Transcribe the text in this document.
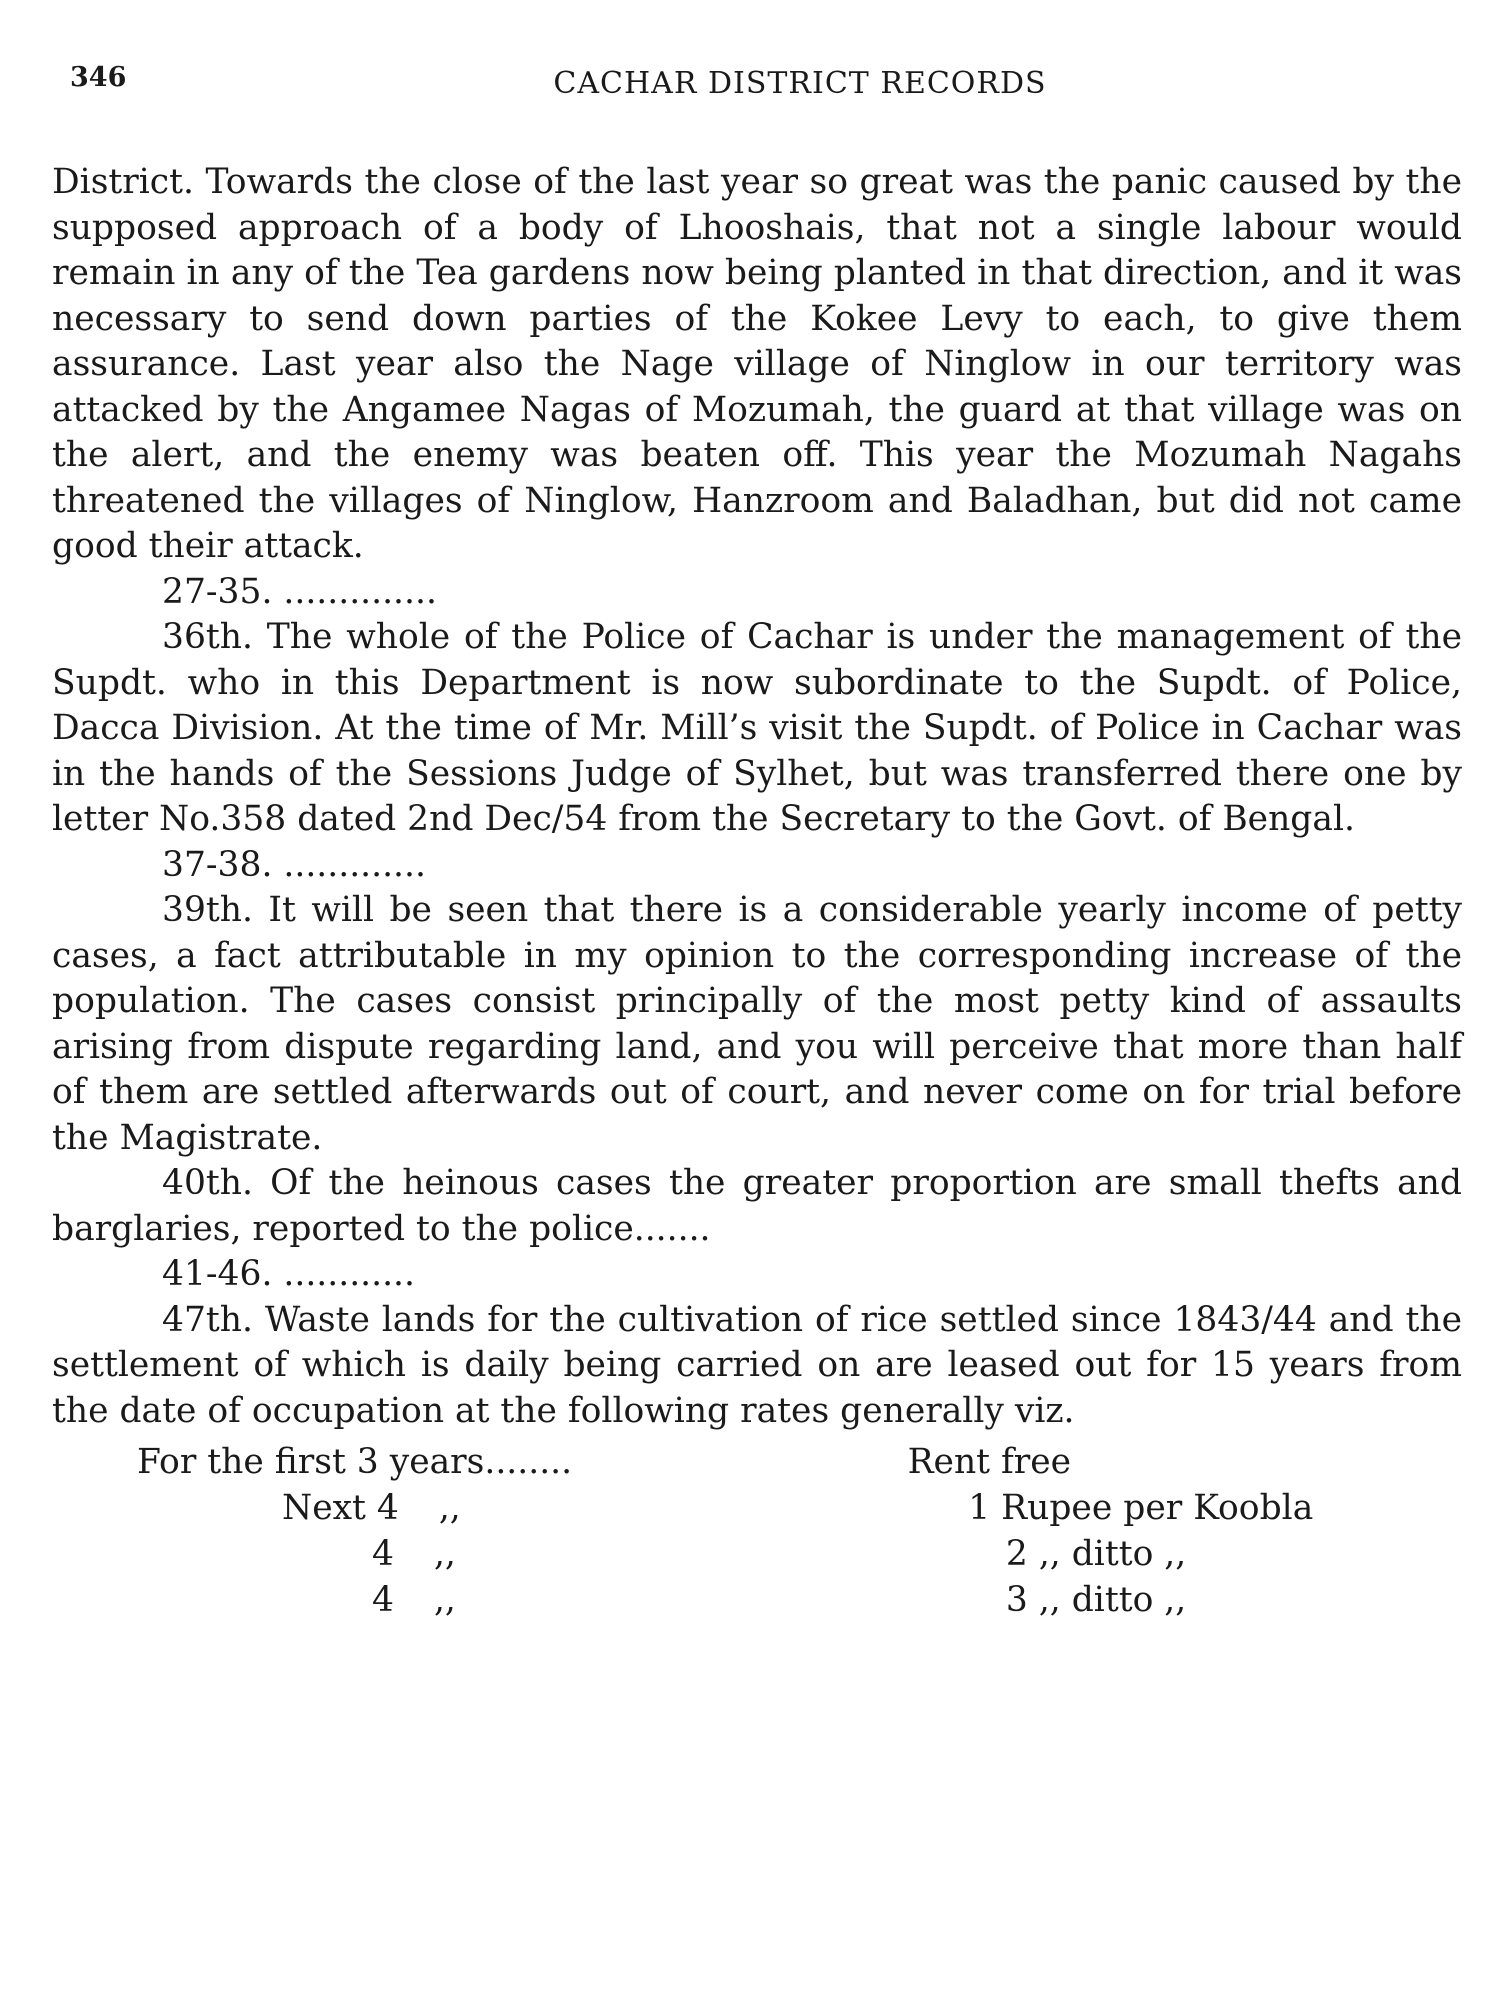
346	CACHAR DISTRICT RECORDS

District. Towards the close of the last year so great was the panic caused by the supposed approach of a body of Lhooshais, that not a single labour would remain in any of the Tea gardens now being planted in that direction, and it was necessary to send down parties of the Kokee Levy to each, to give them assurance. Last year also the Nage village of Ninglow in our territory was attacked by the Angamee Nagas of Mozumah, the guard at that village was on the alert, and the enemy was beaten off. This year the Mozumah Nagahs threatened the villages of Ninglow, Hanzroom and Baladhan, but did not came good their attack.

27-35. ..............

36th. The whole of the Police of Cachar is under the management of the Supdt. who in this Department is now subordinate to the Supdt. of Police, Dacca Division. At the time of Mr. Mill’s visit the Supdt. of Police in Cachar was in the hands of the Sessions Judge of Sylhet, but was transferred there one by letter No.358 dated 2nd Dec/54 from the Secretary to the Govt. of Bengal.

37-38. .............

39th. It will be seen that there is a considerable yearly income of petty cases, a fact attributable in my opinion to the corresponding increase of the population. The cases consist principally of the most petty kind of assaults arising from dispute regarding land, and you will perceive that more than half of them are settled afterwards out of court, and never come on for trial before the Magistrate.

40th. Of the heinous cases the greater proportion are small thefts and barglaries, reported to the police.......

41-46. ............

47th. Waste lands for the cultivation of rice settled since 1843/44 and the settlement of which is daily being carried on are leased out for 15 years from the date of occupation at the following rates generally viz.

For the first 3 years........	Rent free
Next 4 ,,	1 Rupee per Koobla
4 ,,	2 ,, ditto ,,
4 ,,	3 ,, ditto ,,
